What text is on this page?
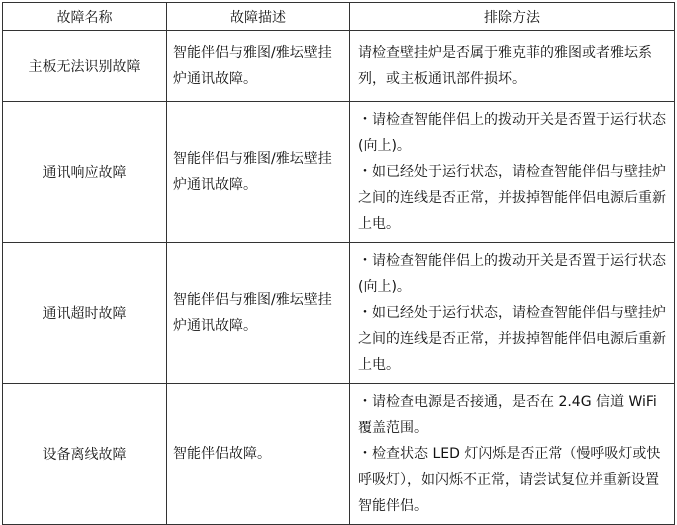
故障名称	故障描述	排除方法
主板无法识别故障	智能伴侣与雅图/雅坛壁挂炉通讯故障。	请检查壁挂炉是否属于雅克菲的雅图或者雅坛系列，或主板通讯部件损坏。

通讯响应故障	智能伴侣与雅图/雅坛壁挂炉通讯故障。	・请检查智能伴侣上的拨动开关是否置于运行状态(向上)。

・如已经处于运行状态，请检查智能伴侣与壁挂炉之间的连线是否正常，并拔掉智能伴侣电源后重新上电。

通讯超时故障	智能伴侣与雅图/雅坛壁挂炉通讯故障。	・请检查智能伴侣上的拨动开关是否置于运行状态(向上)。

・如已经处于运行状态，请检查智能伴侣与壁挂炉之间的连线是否正常，并拔掉智能伴侣电源后重新上电。

设备离线故障	智能伴侣故障。	・请检查电源是否接通，是否在 2.4G 信道 WiFi 覆盖范围。

・检查状态 LED 灯闪烁是否正常（慢呼吸灯或快呼吸灯），如闪烁不正常，请尝试复位并重新设置智能伴侣。
